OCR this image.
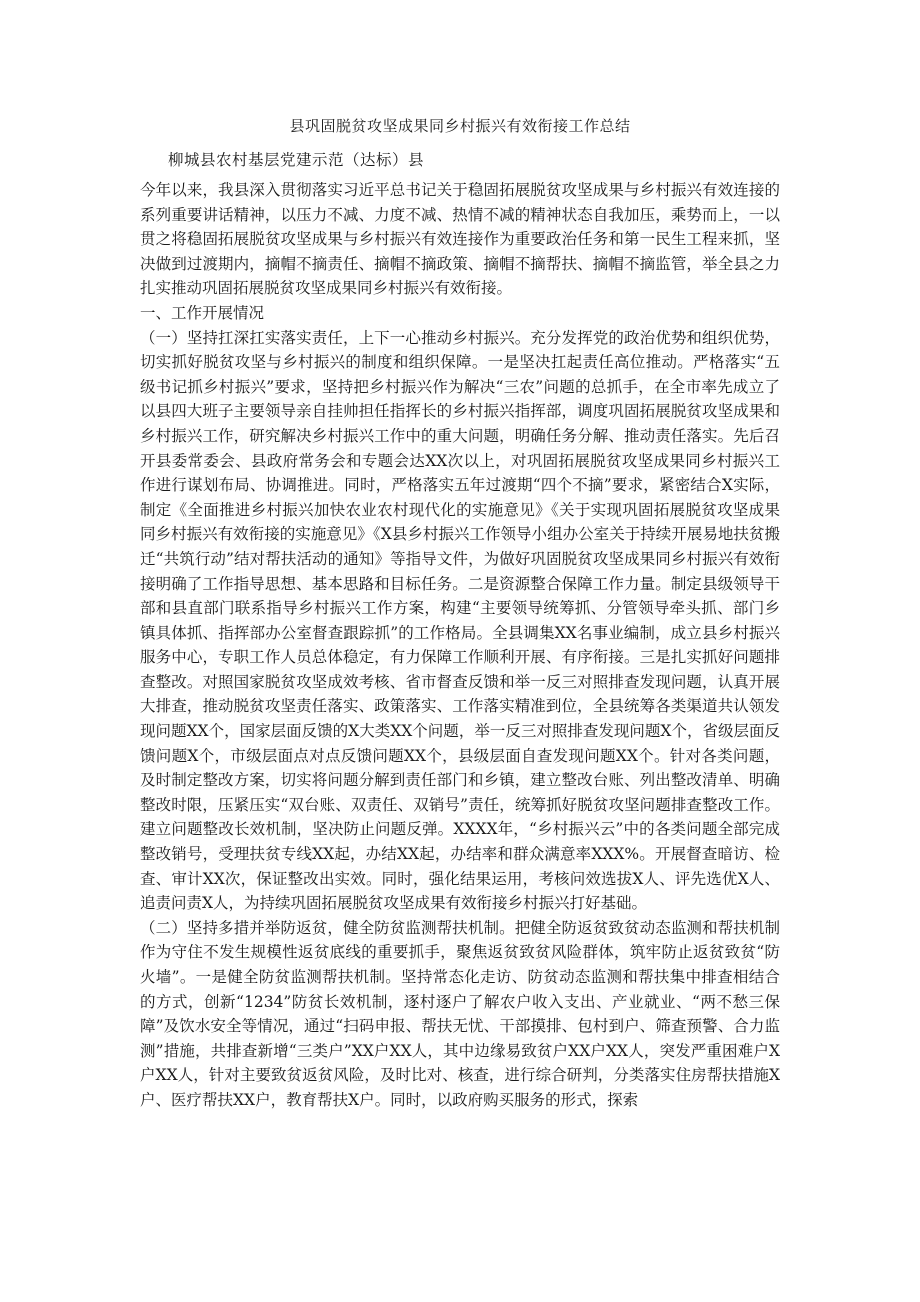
县巩固脱贫攻坚成果同乡村振兴有效衔接工作总结
柳城县农村基层党建示范（达标）县

今年以来，我县深入贯彻落实习近平总书记关于稳固拓展脱贫攻坚成果与乡村振兴有效连接的系列重要讲话精神，以压力不减、力度不减、热情不减的精神状态自我加压，乘势而上，一以贯之将稳固拓展脱贫攻坚成果与乡村振兴有效连接作为重要政治任务和第一民生工程来抓，坚决做到过渡期内，摘帽不摘责任、摘帽不摘政策、摘帽不摘帮扶、摘帽不摘监管，举全县之力扎实推动巩固拓展脱贫攻坚成果同乡村振兴有效衔接。

一、工作开展情况

（一）坚持扛深扛实落实责任，上下一心推动乡村振兴。充分发挥党的政治优势和组织优势，切实抓好脱贫攻坚与乡村振兴的制度和组织保障。一是坚决扛起责任高位推动。严格落实“五级书记抓乡村振兴”要求，坚持把乡村振兴作为解决“三农”问题的总抓手，在全市率先成立了以县四大班子主要领导亲自挂帅担任指挥长的乡村振兴指挥部，调度巩固拓展脱贫攻坚成果和乡村振兴工作，研究解决乡村振兴工作中的重大问题，明确任务分解、推动责任落实。先后召开县委常委会、县政府常务会和专题会达XX次以上，对巩固拓展脱贫攻坚成果同乡村振兴工作进行谋划布局、协调推进。同时，严格落实五年过渡期“四个不摘”要求，紧密结合X实际，制定《全面推进乡村振兴加快农业农村现代化的实施意见》《关于实现巩固拓展脱贫攻坚成果同乡村振兴有效衔接的实施意见》《X县乡村振兴工作领导小组办公室关于持续开展易地扶贫搬迁“共筑行动”结对帮扶活动的通知》等指导文件，为做好巩固脱贫攻坚成果同乡村振兴有效衔接明确了工作指导思想、基本思路和目标任务。二是资源整合保障工作力量。制定县级领导干部和县直部门联系指导乡村振兴工作方案，构建“主要领导统筹抓、分管领导牵头抓、部门乡镇具体抓、指挥部办公室督查跟踪抓”的工作格局。全县调集XX名事业编制，成立县乡村振兴服务中心，专职工作人员总体稳定，有力保障工作顺利开展、有序衔接。三是扎实抓好问题排查整改。对照国家脱贫攻坚成效考核、省市督查反馈和举一反三对照排查发现问题，认真开展大排查，推动脱贫攻坚责任落实、政策落实、工作落实精准到位，全县统筹各类渠道共认领发现问题XX个，国家层面反馈的X大类XX个问题，举一反三对照排查发现问题X个，省级层面反馈问题X个，市级层面点对点反馈问题XX个，县级层面自查发现问题XX个。针对各类问题，及时制定整改方案，切实将问题分解到责任部门和乡镇，建立整改台账、列出整改清单、明确整改时限，压紧压实“双台账、双责任、双销号”责任，统筹抓好脱贫攻坚问题排查整改工作。建立问题整改长效机制，坚决防止问题反弹。XXXX年，“乡村振兴云”中的各类问题全部完成整改销号，受理扶贫专线XX起，办结XX起，办结率和群众满意率XXX%。开展督查暗访、检查、审计XX次，保证整改出实效。同时，强化结果运用，考核问效选拔X人、评先选优X人、追责问责X人，为持续巩固拓展脱贫攻坚成果有效衔接乡村振兴打好基础。

（二）坚持多措并举防返贫，健全防贫监测帮扶机制。把健全防返贫致贫动态监测和帮扶机制作为守住不发生规模性返贫底线的重要抓手，聚焦返贫致贫风险群体，筑牢防止返贫致贫“防火墙”。一是健全防贫监测帮扶机制。坚持常态化走访、防贫动态监测和帮扶集中排查相结合的方式，创新“1234”防贫长效机制，逐村逐户了解农户收入支出、产业就业、“两不愁三保障”及饮水安全等情况，通过“扫码申报、帮扶无忧、干部摸排、包村到户、筛查预警、合力监测”措施，共排查新增“三类户”XX户XX人，其中边缘易致贫户XX户XX人，突发严重困难户X户XX人，针对主要致贫返贫风险，及时比对、核查，进行综合研判，分类落实住房帮扶措施X户、医疗帮扶XX户，教育帮扶X户。同时，以政府购买服务的形式，探索
